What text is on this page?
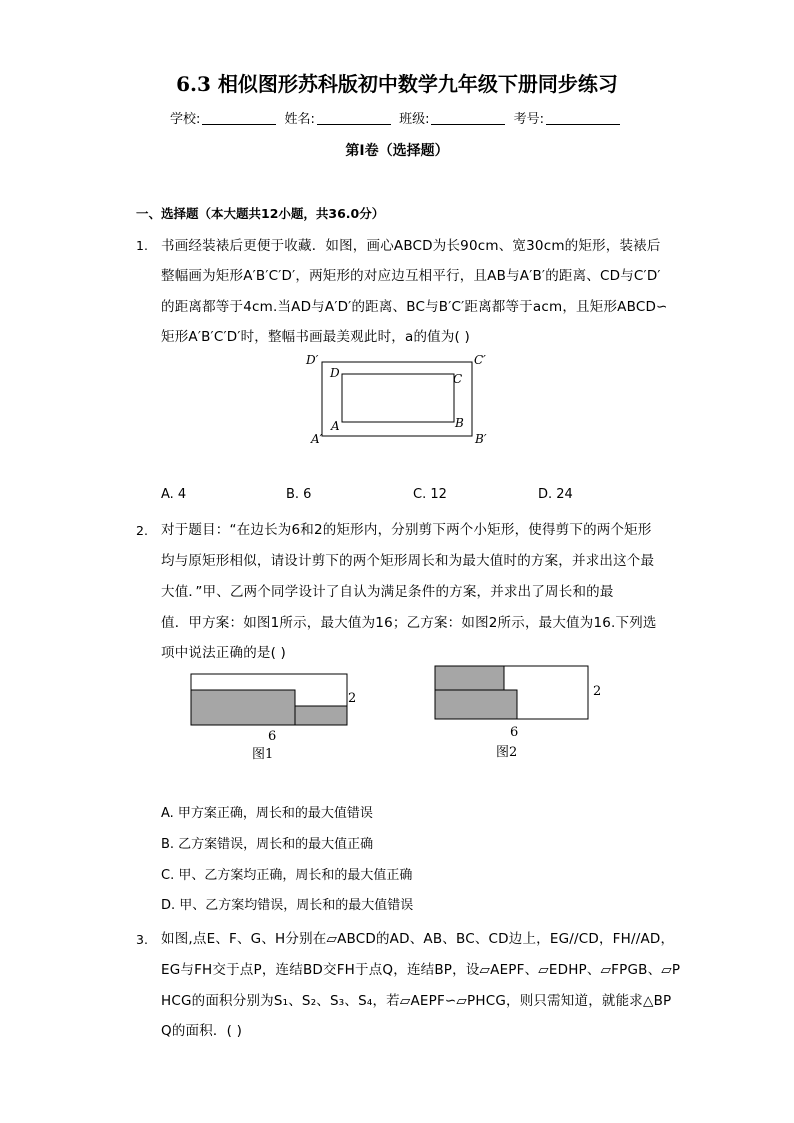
6.3 相似图形苏科版初中数学九年级下册同步练习
学校:	姓名:	班级:	考号:
第I卷（选择题）
一、选择题（本大题共12小题，共36.0分）
1. 书画经装裱后更便于收藏．如图，画心ABCD为长90cm、宽30cm的矩形，装裱后
整幅画为矩形A′B′C′D′，两矩形的对应边互相平行，且AB与A′B′的距离、CD与C′D′
的距离都等于4cm.当AD与A′D′的距离、BC与B′C′距离都等于acm，且矩形ABCD∽
矩形A′B′C′D′时，整幅书画最美观此时，a的值为( )
D′	C′
D	C
A	B
A′	B′
A. 4	B. 6	C. 12	D. 24
2. 对于题目：“在边长为6和2的矩形内，分别剪下两个小矩形，使得剪下的两个矩形
均与原矩形相似，请设计剪下的两个矩形周长和为最大值时的方案，并求出这个最
大值．”甲、乙两个同学设计了自认为满足条件的方案，并求出了周长和的最
值．甲方案：如图1所示，最大值为16；乙方案：如图2所示，最大值为16.下列选
项中说法正确的是( )
2
6
图1
2
6
图2
A. 甲方案正确，周长和的最大值错误
B. 乙方案错误，周长和的最大值正确
C. 甲、乙方案均正确，周长和的最大值正确
D. 甲、乙方案均错误，周长和的最大值错误
3. 如图,点E、F、G、H分别在▱ABCD的AD、AB、BC、CD边上，EG//CD，FH//AD，
EG与FH交于点P，连结BD交FH于点Q，连结BP，设▱AEPF、▱EDHP、▱FPGB、▱P
HCG的面积分别为S₁、S₂、S₃、S₄，若▱AEPF∽▱PHCG，则只需知道，就能求△BP
Q的面积．( )
